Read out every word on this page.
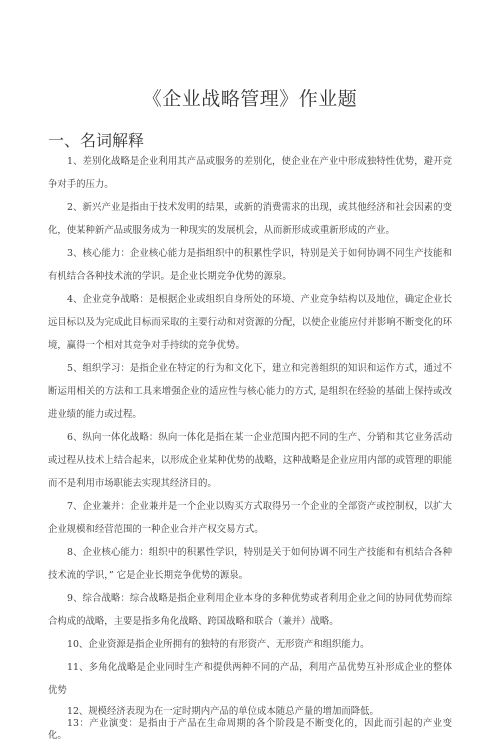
《企业战略管理》作业题
一、名词解释

1、差别化战略是企业利用其产品或服务的差别化，使企业在产业中形成独特性优势，避开竞争对手的压力。

2、新兴产业是指由于技术发明的结果，或新的消费需求的出现，或其他经济和社会因素的变化，使某种新产品或服务成为一种现实的发展机会，从而新形成或重新形成的产业。

3、核心能力：企业核心能力是指组织中的积累性学识，特别是关于如何协调不同生产技能和有机结合各种技术流的学识。是企业长期竞争优势的源泉。

4、企业竞争战略：是根据企业或组织自身所处的环境、产业竞争结构以及地位，确定企业长远目标以及为完成此目标而采取的主要行动和对资源的分配，以使企业能应付并影响不断变化的环境，赢得一个相对其竞争对手持续的竞争优势。

5、组织学习：是指企业在特定的行为和文化下，建立和完善组织的知识和运作方式，通过不断运用相关的方法和工具来增强企业的适应性与核心能力的方式, 是组织在经验的基础上保持或改进业绩的能力或过程。

6、纵向一体化战略：纵向一体化是指在某一企业范围内把不同的生产、分销和其它业务活动或过程从技术上结合起来，以形成企业某种优势的战略，这种战略是企业应用内部的或管理的职能而不是利用市场职能去实现其经济目的。

7、企业兼并：企业兼并是一个企业以购买方式取得另一个企业的全部资产或控制权，以扩大企业规模和经营范围的一种企业合并产权交易方式。

8、企业核心能力：组织中的积累性学识，特别是关于如何协调不同生产技能和有机结合各种技术流的学识，” 它是企业长期竞争优势的源泉。

9、综合战略：综合战略是指企业利用企业本身的多种优势或者利用企业之间的协同优势而综合构成的战略，主要是指多角化战略、跨国战略和联合（兼并）战略。

10、企业资源是指企业所拥有的独特的有形资产、无形资产和组织能力。

11、多角化战略是企业同时生产和提供两种不同的产品，利用产品优势互补形成企业的整体优势

12、规模经济表现为在一定时期内产品的单位成本随总产量的增加而降低。

13：产业演变：是指由于产品在生命周期的各个阶段是不断变化的，因此而引起的产业变化。
